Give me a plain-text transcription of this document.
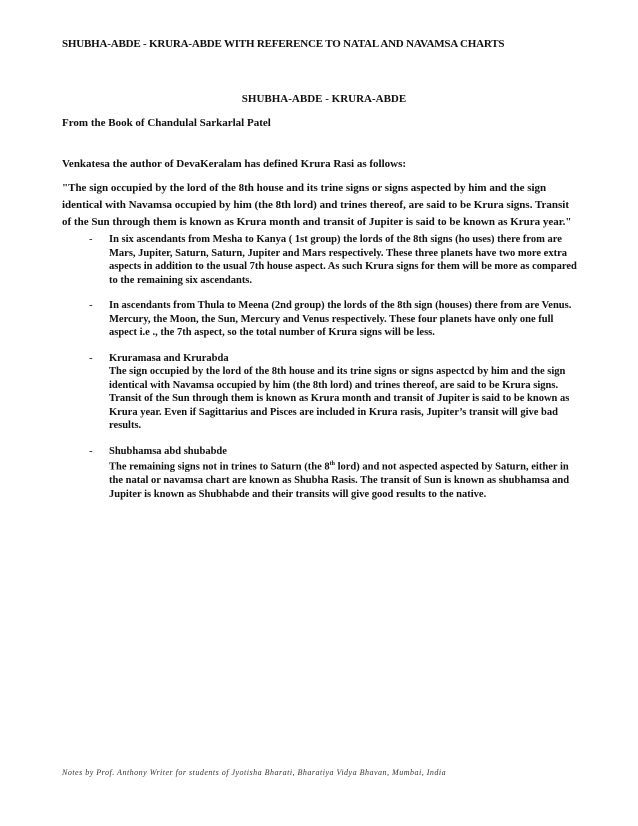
SHUBHA-ABDE - KRURA-ABDE WITH REFERENCE TO NATAL AND NAVAMSA CHARTS
SHUBHA-ABDE - KRURA-ABDE
From the Book of Chandulal Sarkarlal Patel
Venkatesa the author of DevaKeralam has defined Krura Rasi as follows:
"The sign occupied by the lord of the 8th house and its trine signs or signs aspected by him and the sign identical with Navamsa occupied by him (the 8th lord) and trines thereof, are said to be Krura signs. Transit of the Sun through them is known as Krura month and transit of Jupiter is said to be known as Krura year."
- In six ascendants from Mesha to Kanya ( 1st group) the lords of the 8th signs (ho uses) there from are Mars, Jupiter, Saturn, Saturn, Jupiter and Mars respectively. These three planets have two more extra aspects in addition to the usual 7th house aspect. As such Krura signs for them will be more as compared to the remaining six ascendants.
- In ascendants from Thula to Meena (2nd group) the lords of the 8th sign (houses) there from are Venus. Mercury, the Moon, the Sun, Mercury and Venus respectively. These four planets have only one full aspect i.e ., the 7th aspect, so the total number of Krura signs will be less.
- Kruramasa and Krurabda
The sign occupied by the lord of the 8th house and its trine signs or signs aspectcd by him and the sign identical with Navamsa occupied by him (the 8th lord) and trines thereof, are said to be Krura signs. Transit of the Sun through them is known as Krura month and transit of Jupiter is said to be known as Krura year. Even if Sagittarius and Pisces are included in Krura rasis, Jupiter’s transit will give bad results.
- Shubhamsa abd shubabde
The remaining signs not in trines to Saturn (the 8th lord) and not aspected aspected by Saturn, either in the natal or navamsa chart are known as Shubha Rasis. The transit of Sun is known as shubhamsa and Jupiter is known as Shubhabde and their transits will give good results to the native.
Notes by Prof. Anthony Writer for students of Jyotisha Bharati, Bharatiya Vidya Bhavan, Mumbai, India
